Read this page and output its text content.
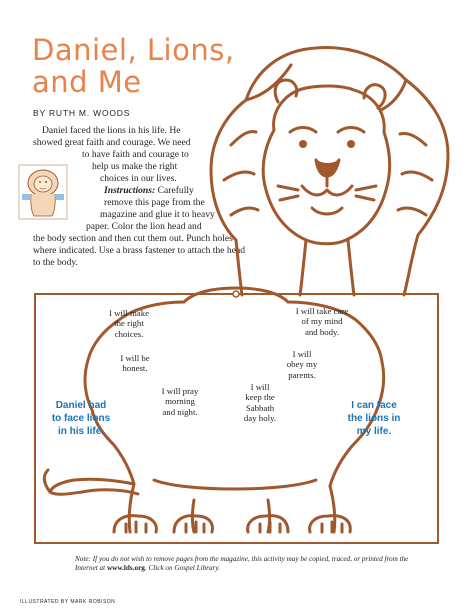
Daniel, Lions,
and Me
BY RUTH M. WOODS

Daniel faced the lions in his life. He

showed great faith and courage. We need

to have faith and courage to

help us make the right

choices in our lives.

Instructions: Carefully

remove this page from the

magazine and glue it to heavy

paper. Color the lion head and

the body section and then cut them out. Punch holes

where indicated. Use a brass fastener to attach the head

to the body.

I will make
the right
choices.
I will be
honest.
I will pray
morning
and night.
I will
keep the
Sabbath
day holy.
I will
obey my
parents.
I will take care
of my mind
and body.
Daniel had
to face lions
in his life.
I can face
the lions in
my life.
Note: If you do not wish to remove pages from the magazine, this activity may be copied, traced, or printed from the Internet at www.lds.org. Click on Gospel Library.
ILLUSTRATED BY MARK ROBISON
